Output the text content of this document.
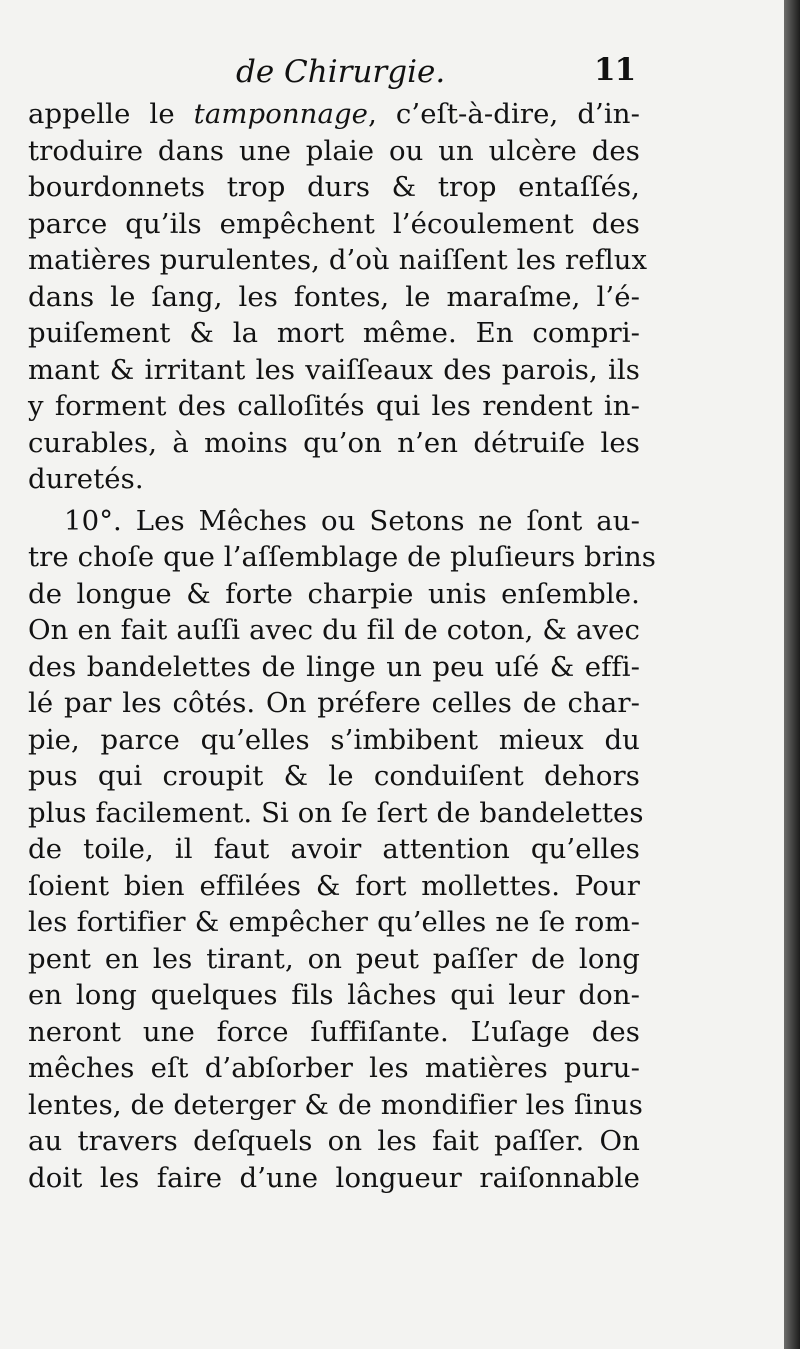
de Chirurgie.	11
appelle le tamponnage, c’eſt-à-dire, d’in-
troduire dans une plaie ou un ulcère des
bourdonnets trop durs & trop entaſſés,
parce qu’ils empêchent l’écoulement des
matières purulentes, d’où naiſſent les reflux
dans le ſang, les fontes, le maraſme, l’é-
puiſement & la mort même. En compri-
mant & irritant les vaiſſeaux des parois, ils
y forment des calloſités qui les rendent in-
curables, à moins qu’on n’en détruiſe les
duretés.
10°. Les Mêches ou Setons ne ſont au-
tre choſe que l’aſſemblage de pluſieurs brins
de longue & forte charpie unis enſemble.
On en fait auſſi avec du fil de coton, & avec
des bandelettes de linge un peu uſé & effi-
lé par les côtés. On préfere celles de char-
pie, parce qu’elles s’imbibent mieux du
pus qui croupit & le conduiſent dehors
plus facilement. Si on ſe ſert de bandelettes
de toile, il faut avoir attention qu’elles
ſoient bien effilées & fort mollettes. Pour
les fortifier & empêcher qu’elles ne ſe rom-
pent en les tirant, on peut paſſer de long
en long quelques fils lâches qui leur don-
neront une force ſuffiſante. L’uſage des
mêches eſt d’abſorber les matières puru-
lentes, de deterger & de mondifier les ſinus
au travers deſquels on les fait paſſer. On
doit les faire d’une longueur raiſonnable
